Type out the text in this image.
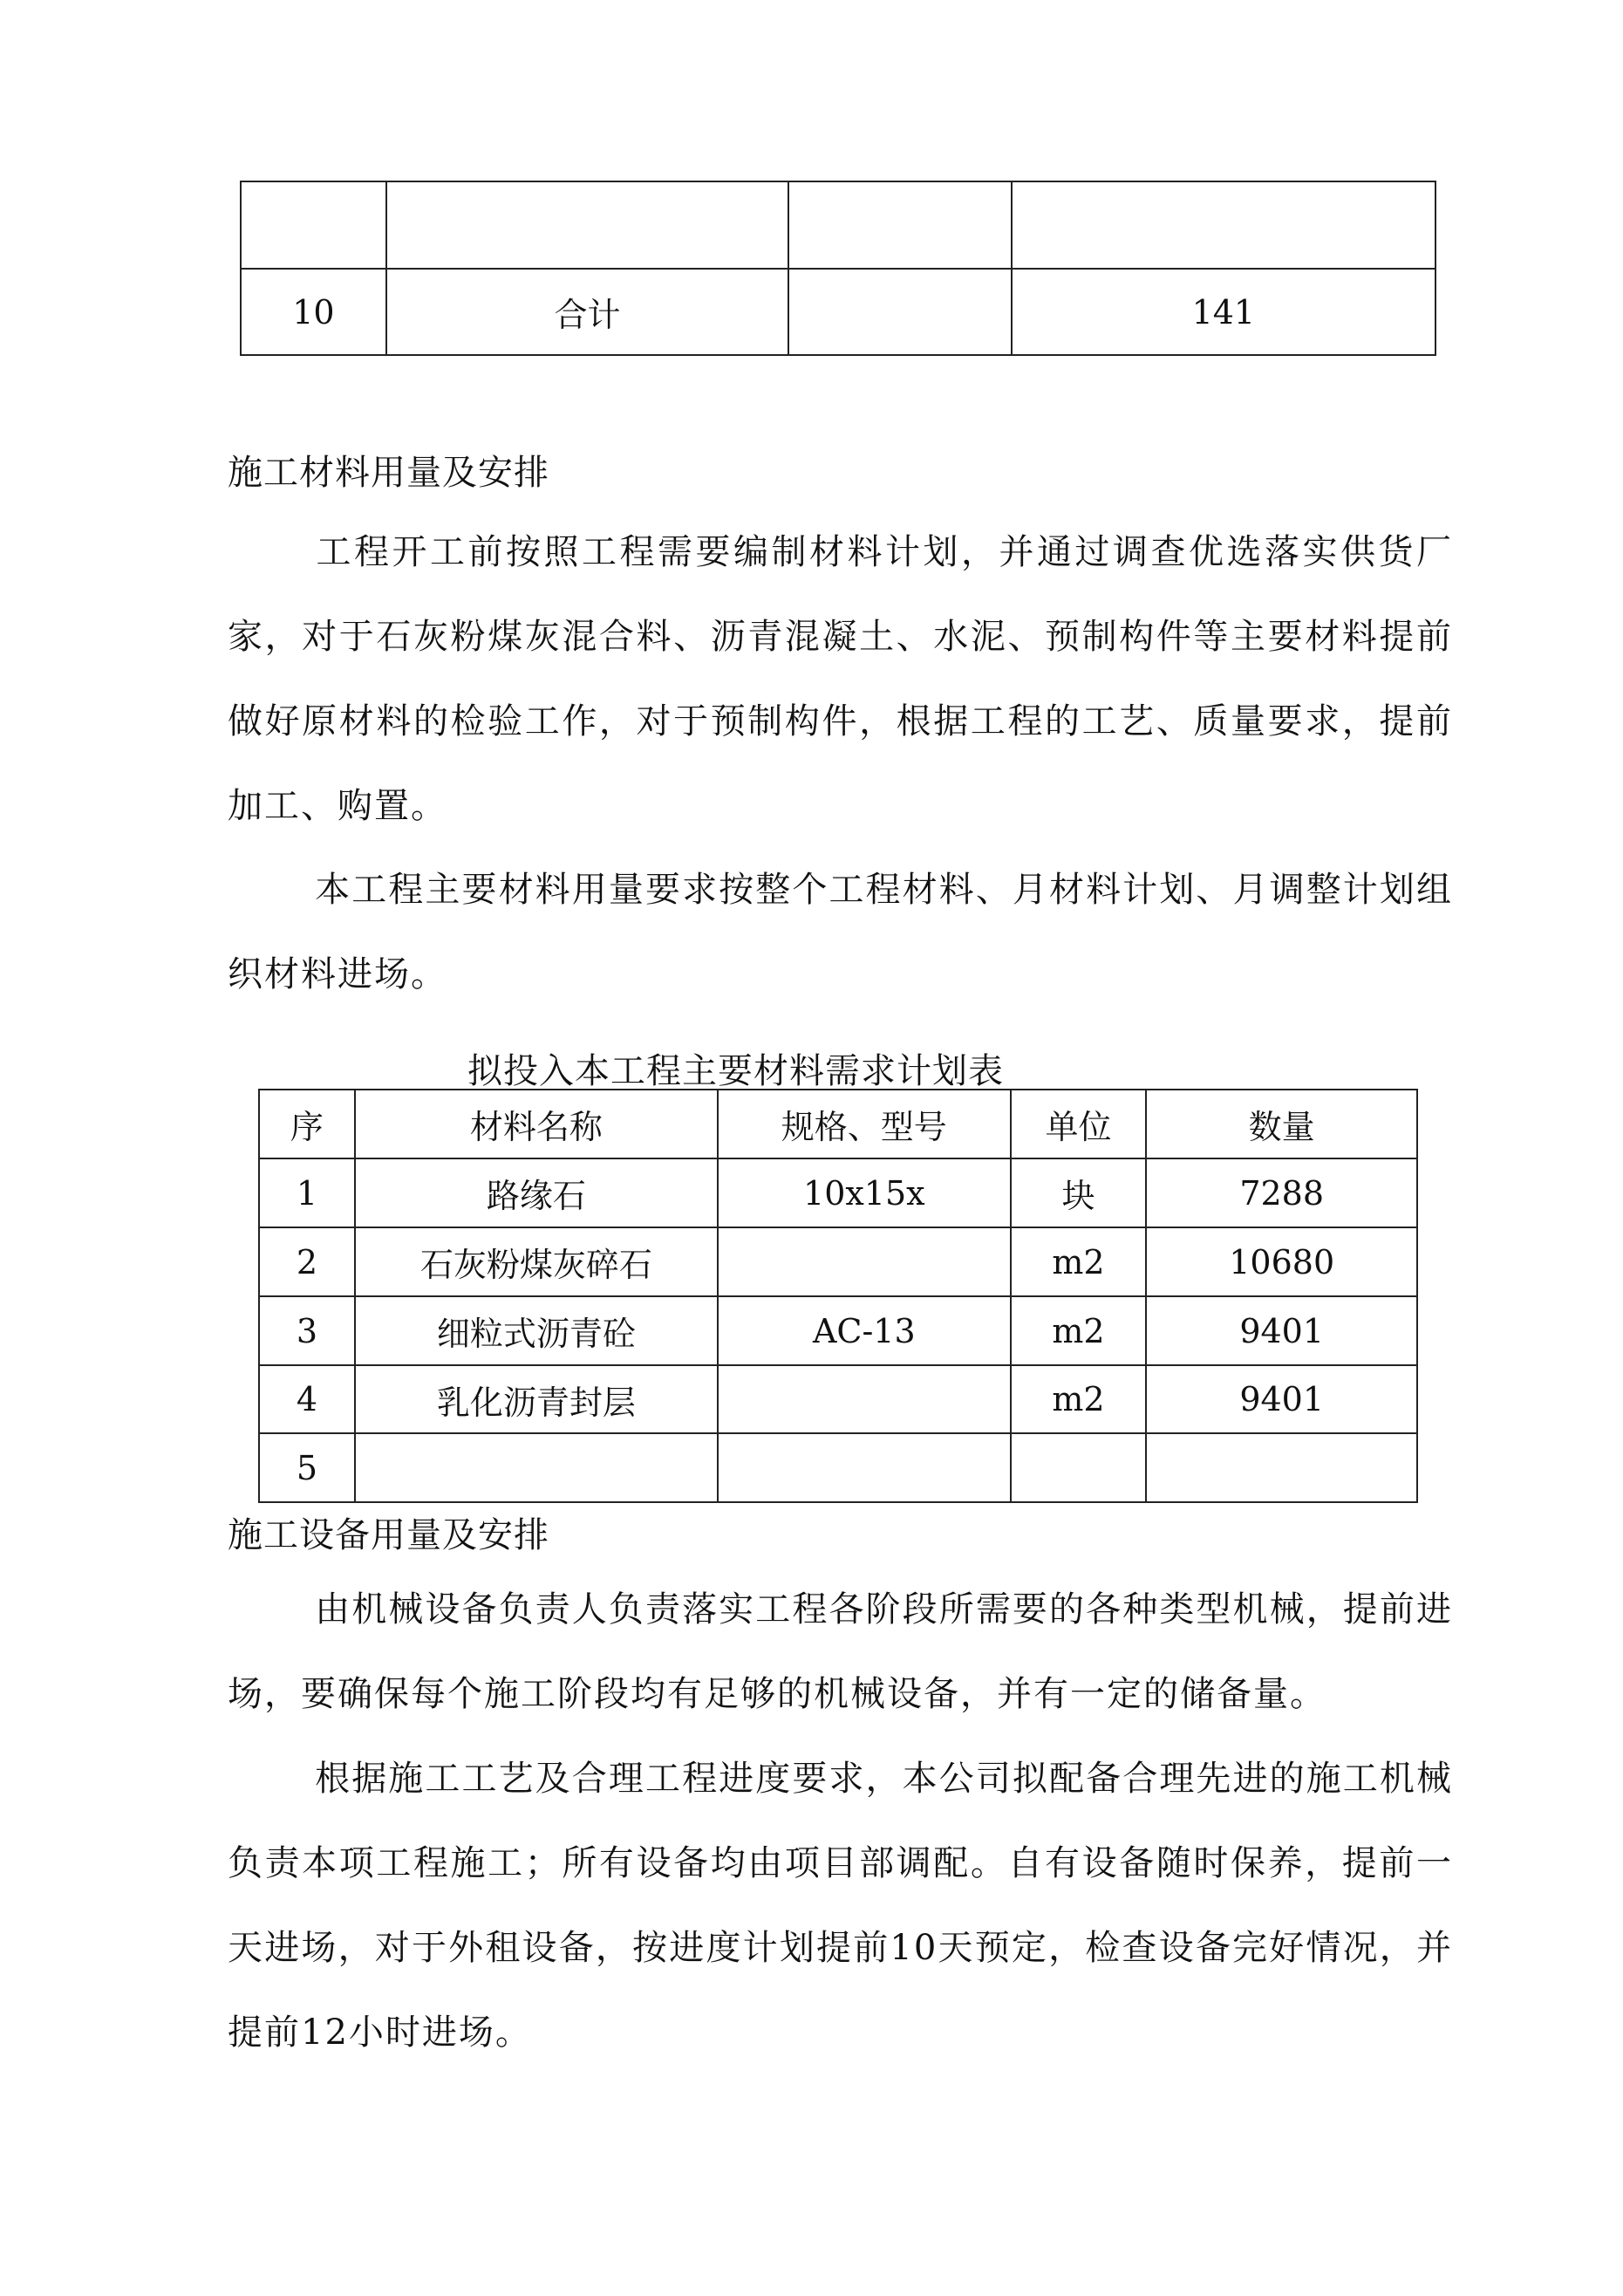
10	合计		141
施工材料用量及安排
工程开工前按照工程需要编制材料计划，并通过调查优选落实供货厂家，对于石灰粉煤灰混合料、沥青混凝土、水泥、预制构件等主要材料提前做好原材料的检验工作，对于预制构件，根据工程的工艺、质量要求，提前加工、购置。
本工程主要材料用量要求按整个工程材料、月材料计划、月调整计划组织材料进场。
拟投入本工程主要材料需求计划表
序	材料名称	规格、型号	单位	数量
1	路缘石	10x15x	块	7288
2	石灰粉煤灰碎石		m2	10680
3	细粒式沥青砼	AC-13	m2	9401
4	乳化沥青封层		m2	9401
5				
施工设备用量及安排
由机械设备负责人负责落实工程各阶段所需要的各种类型机械，提前进场，要确保每个施工阶段均有足够的机械设备，并有一定的储备量。
根据施工工艺及合理工程进度要求，本公司拟配备合理先进的施工机械负责本项工程施工；所有设备均由项目部调配。自有设备随时保养，提前一天进场，对于外租设备，按进度计划提前10天预定，检查设备完好情况，并提前12小时进场。
